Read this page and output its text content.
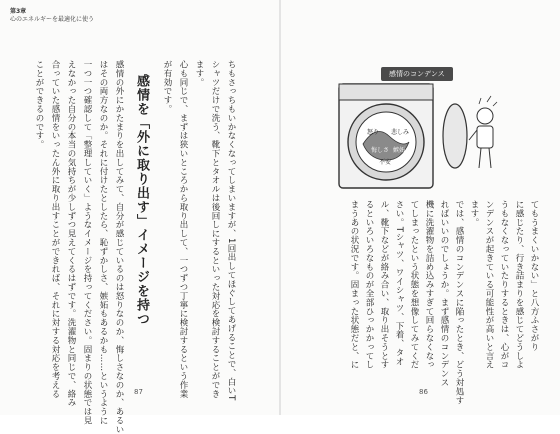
第3章
心のエネルギーを最適化に使う
ちもさっちもいかなくなってしまいますが、1回出してほぐしてあげることで、白いT
シャツだけで洗う、靴下とタオルは後回しにするといった対応を検討することができ
ます。
心も同じで、まずは狭いところから取り出して、一つずつ丁寧に検討するという作業
が有効です。
感情を「外に取り出す」イメージを持つ
感情の外にかたまりを出してみて、自分が感じているのは怒りなのか、悔しさなのか、あるい
はその両方なのか。それに付けたとしたら、恥ずかしさ、嫉妬もあるかも……というように
一つ一つ確認して「整理していく」ようなイメージを持ってください。固まりの状態では見
えなかった自分の本当の気持ちが少しずつ見えてくるはずです。洗濯物と同じで、絡み
合っていた感情をいったん外に取り出すことができれば、それに対する対応を考える
ことができるのです。
87
てもうまくいかない」と八方ふさがり
に感じたり、行き詰まりを感じてどうしよ
うもなくなっていたりするときは、心がコ
ンデンスが起きている可能性が高いと言え
ます。
では、感情のコンデンスに陥ったとき、どう対処す
ればいいのでしょうか。まず感情のコンデンス
機に洗濯物を詰め込みすぎて回らなくなっ
てしまったという状態を想像してみてくだ
さい。Tシャツ、ワイシャツ、下着、タオ
ル、靴下などが絡み合い、取り出そうとす
るといろいろなものが全部ひっかかってし
まうあの状況です。固まった状態だと、に
86
怒り 悲しみ
悔しさ 嫉妬
不安
感情のコンデンス
